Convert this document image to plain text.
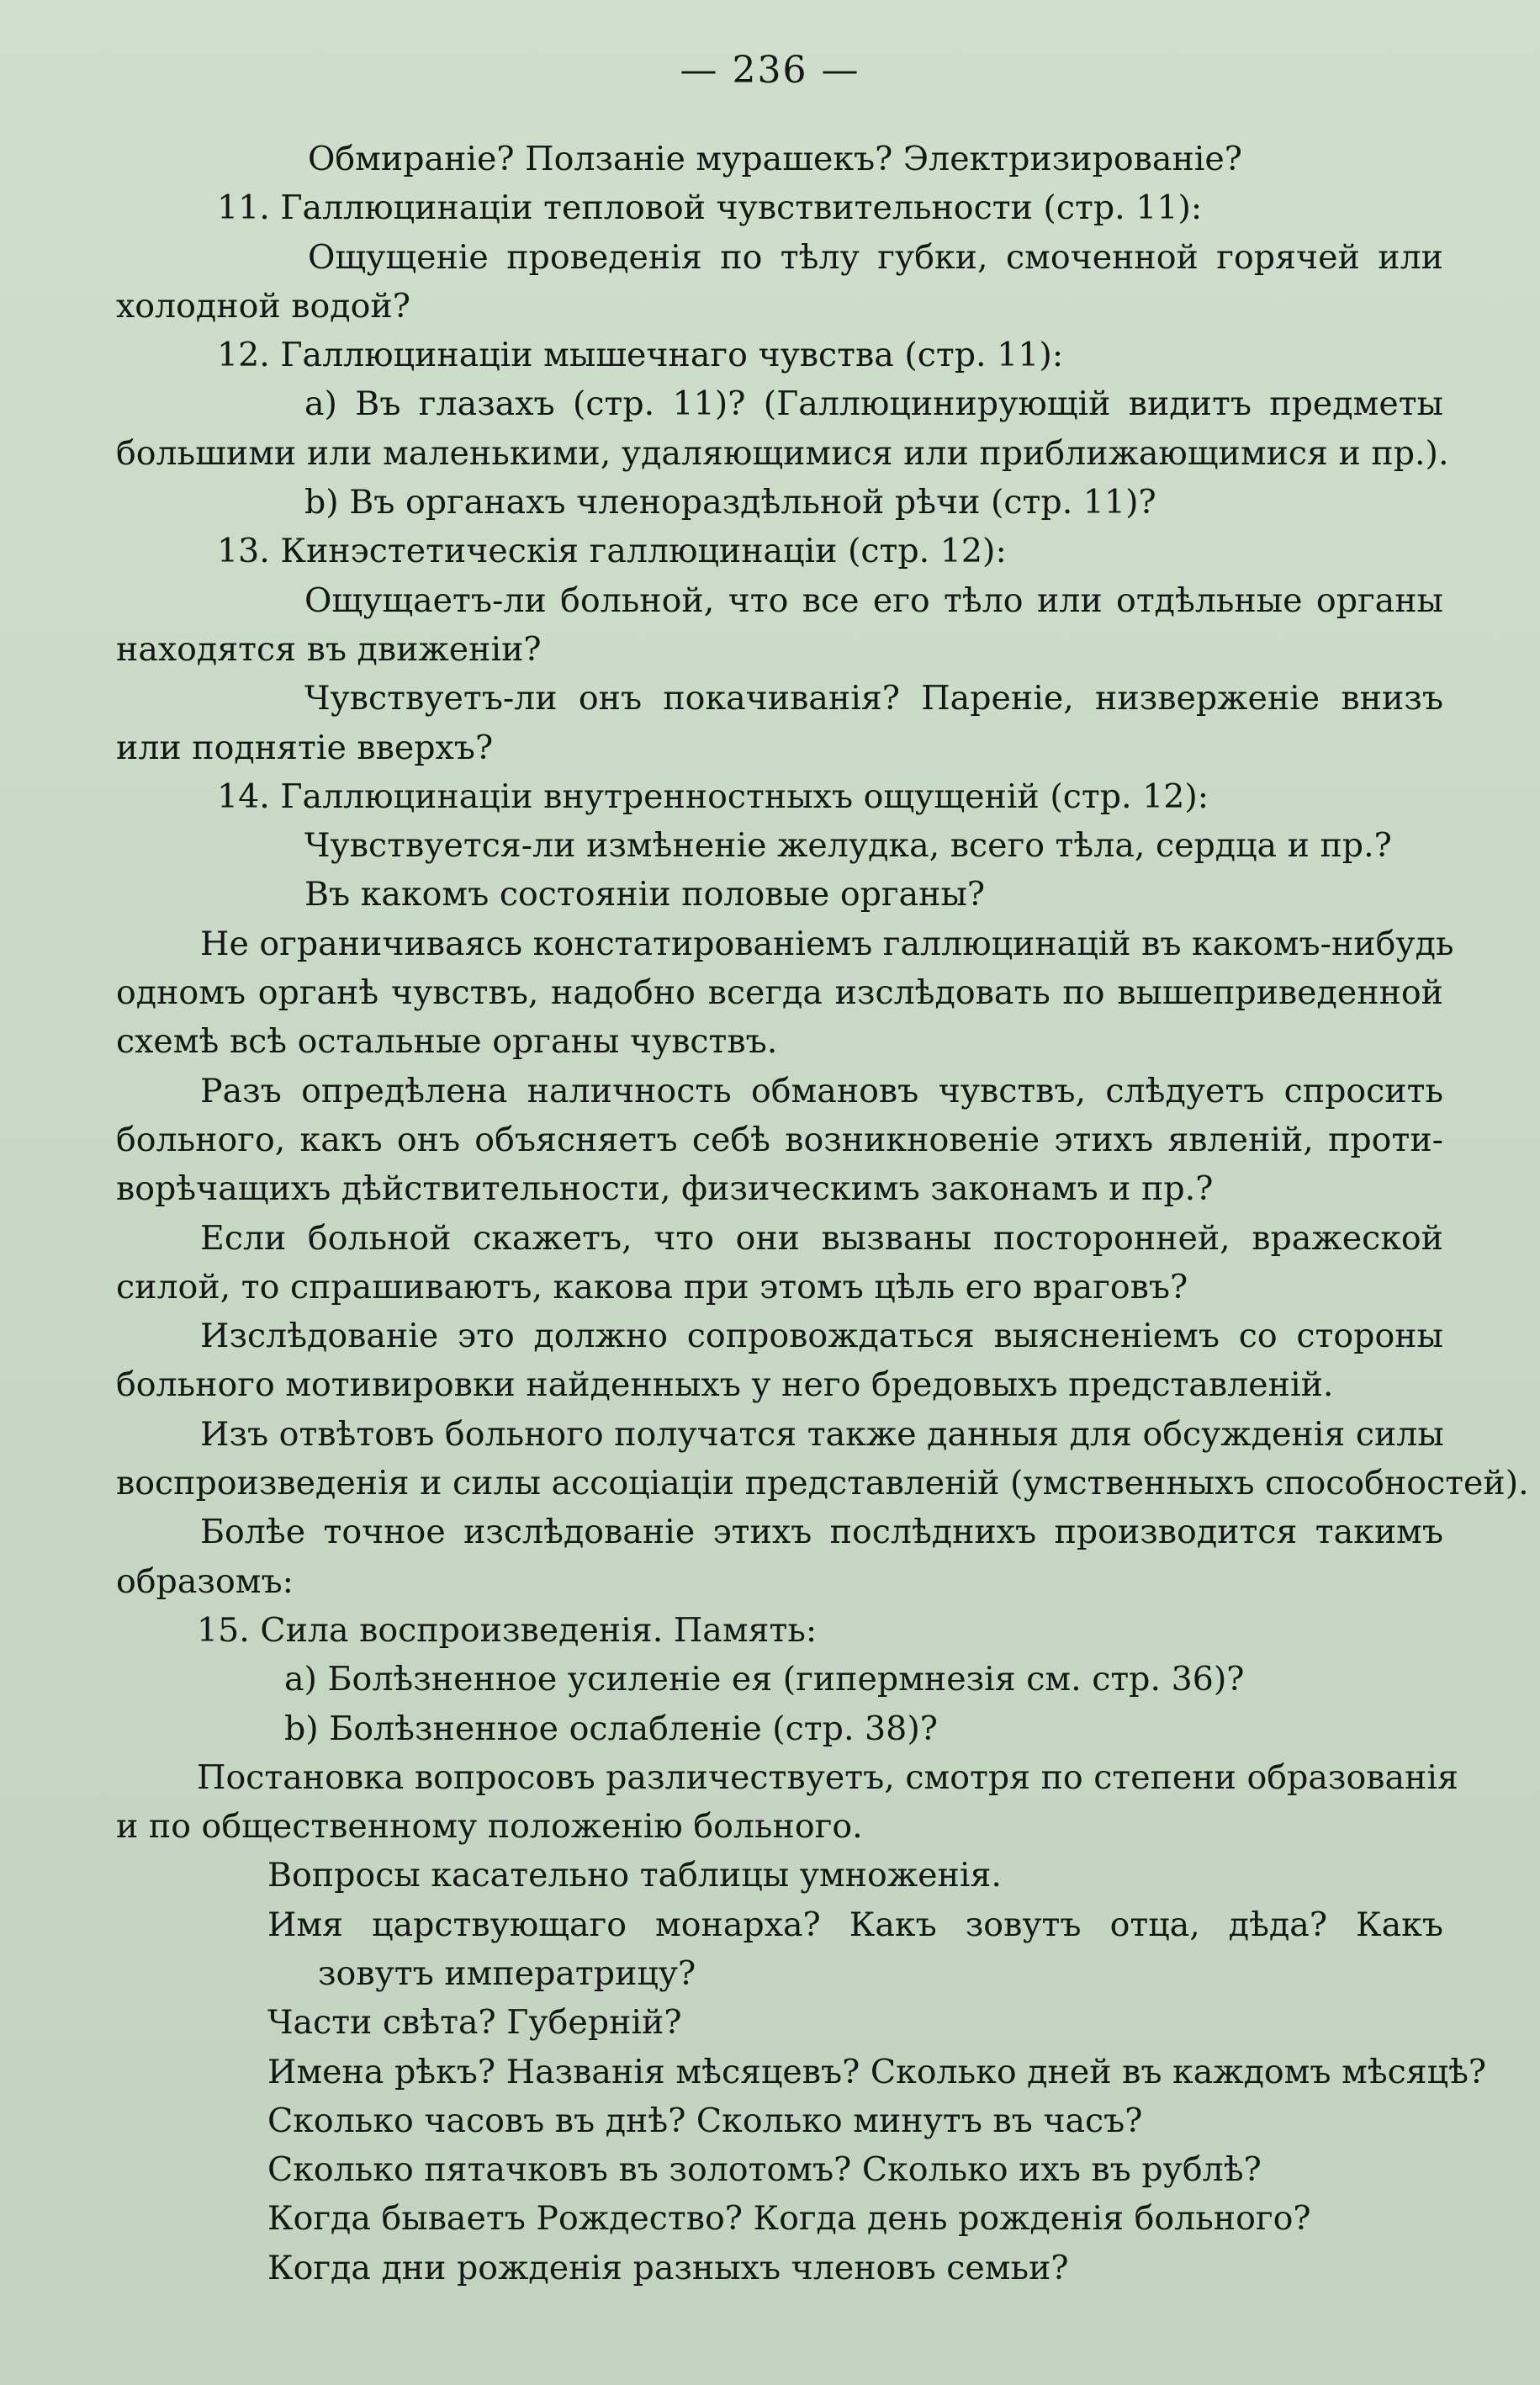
— 236 —
Обмиранiе? Ползанiе мурашекъ? Электризированiе?
11. Галлюцинацiи тепловой чувствительности (стр. 11):
Ощущенiе проведенiя по тѣлу губки, смоченной горячей или
холодной водой?
12. Галлюцинацiи мышечнаго чувства (стр. 11):
a) Въ глазахъ (стр. 11)? (Галлюцинирующiй видитъ предметы
большими или маленькими, удаляющимися или приближающимися и пр.).
b) Въ органахъ членораздѣльной рѣчи (стр. 11)?
13. Кинэстетическiя галлюцинацiи (стр. 12):
Ощущаетъ-ли больной, что все его тѣло или отдѣльные органы
находятся въ движенiи?
Чувствуетъ-ли онъ покачиванiя? Паренiе, низверженiе внизъ
или поднятiе вверхъ?
14. Галлюцинацiи внутренностныхъ ощущенiй (стр. 12):
Чувствуется-ли измѣненiе желудка, всего тѣла, сердца и пр.?
Въ какомъ состоянiи половые органы?
Не ограничиваясь констатированiемъ галлюцинацiй въ какомъ-нибудь
одномъ органѣ чувствъ, надобно всегда изслѣдовать по вышеприведенной
схемѣ всѣ остальные органы чувствъ.
Разъ опредѣлена наличность обмановъ чувствъ, слѣдуетъ спросить
больного, какъ онъ объясняетъ себѣ возникновенiе этихъ явленiй, проти-
ворѣчащихъ дѣйствительности, физическимъ законамъ и пр.?
Если больной скажетъ, что они вызваны посторонней, вражеской
силой, то спрашиваютъ, какова при этомъ цѣль его враговъ?
Изслѣдованiе это должно сопровождаться выясненiемъ со стороны
больного мотивировки найденныхъ у него бредовыхъ представленiй.
Изъ отвѣтовъ больного получатся также данныя для обсужденiя силы
воспроизведенiя и силы ассоцiацiи представленiй (умственныхъ способностей).
Болѣе точное изслѣдованiе этихъ послѣднихъ производится такимъ
образомъ:
15. Сила воспроизведенiя. Память:
a) Болѣзненное усиленiе ея (гипермнезiя см. стр. 36)?
b) Болѣзненное ослабленiе (стр. 38)?
Постановка вопросовъ различествуетъ, смотря по степени образованiя
и по общественному положенiю больного.
Вопросы касательно таблицы умноженiя.
Имя царствующаго монарха? Какъ зовутъ отца, дѣда? Какъ
зовутъ императрицу?
Части свѣта? Губернiй?
Имена рѣкъ? Названiя мѣсяцевъ? Сколько дней въ каждомъ мѣсяцѣ?
Сколько часовъ въ днѣ? Сколько минутъ въ часъ?
Сколько пятачковъ въ золотомъ? Сколько ихъ въ рублѣ?
Когда бываетъ Рождество? Когда день рожденiя больного?
Когда дни рожденiя разныхъ членовъ семьи?
